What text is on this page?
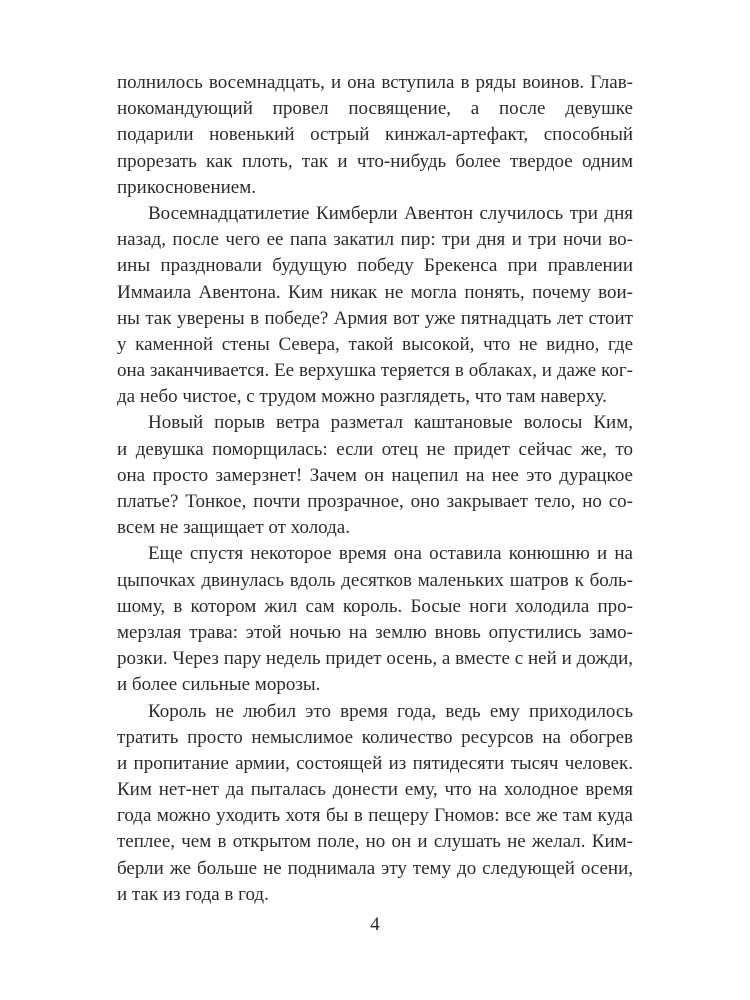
полнилось восемнадцать, и она вступила в ряды воинов. Глав-
нокомандующий провел посвящение, а после девушке
подарили новенький острый кинжал-артефакт, способный
прорезать как плоть, так и что-нибудь более твердое одним
прикосновением.
Восемнадцатилетие Кимберли Авентон случилось три дня
назад, после чего ее папа закатил пир: три дня и три ночи во-
ины праздновали будущую победу Брекенса при правлении
Иммаила Авентона. Ким никак не могла понять, почему вои-
ны так уверены в победе? Армия вот уже пятнадцать лет стоит
у каменной стены Севера, такой высокой, что не видно, где
она заканчивается. Ее верхушка теряется в облаках, и даже ког-
да небо чистое, с трудом можно разглядеть, что там наверху.
Новый порыв ветра разметал каштановые волосы Ким,
и девушка поморщилась: если отец не придет сейчас же, то
она просто замерзнет! Зачем он нацепил на нее это дурацкое
платье? Тонкое, почти прозрачное, оно закрывает тело, но со-
всем не защищает от холода.
Еще спустя некоторое время она оставила конюшню и на
цыпочках двинулась вдоль десятков маленьких шатров к боль-
шому, в котором жил сам король. Босые ноги холодила про-
мерзлая трава: этой ночью на землю вновь опустились замо-
розки. Через пару недель придет осень, а вместе с ней и дожди,
и более сильные морозы.
Король не любил это время года, ведь ему приходилось
тратить просто немыслимое количество ресурсов на обогрев
и пропитание армии, состоящей из пятидесяти тысяч человек.
Ким нет-нет да пыталась донести ему, что на холодное время
года можно уходить хотя бы в пещеру Гномов: все же там куда
теплее, чем в открытом поле, но он и слушать не желал. Ким-
берли же больше не поднимала эту тему до следующей осени,
и так из года в год.
4
